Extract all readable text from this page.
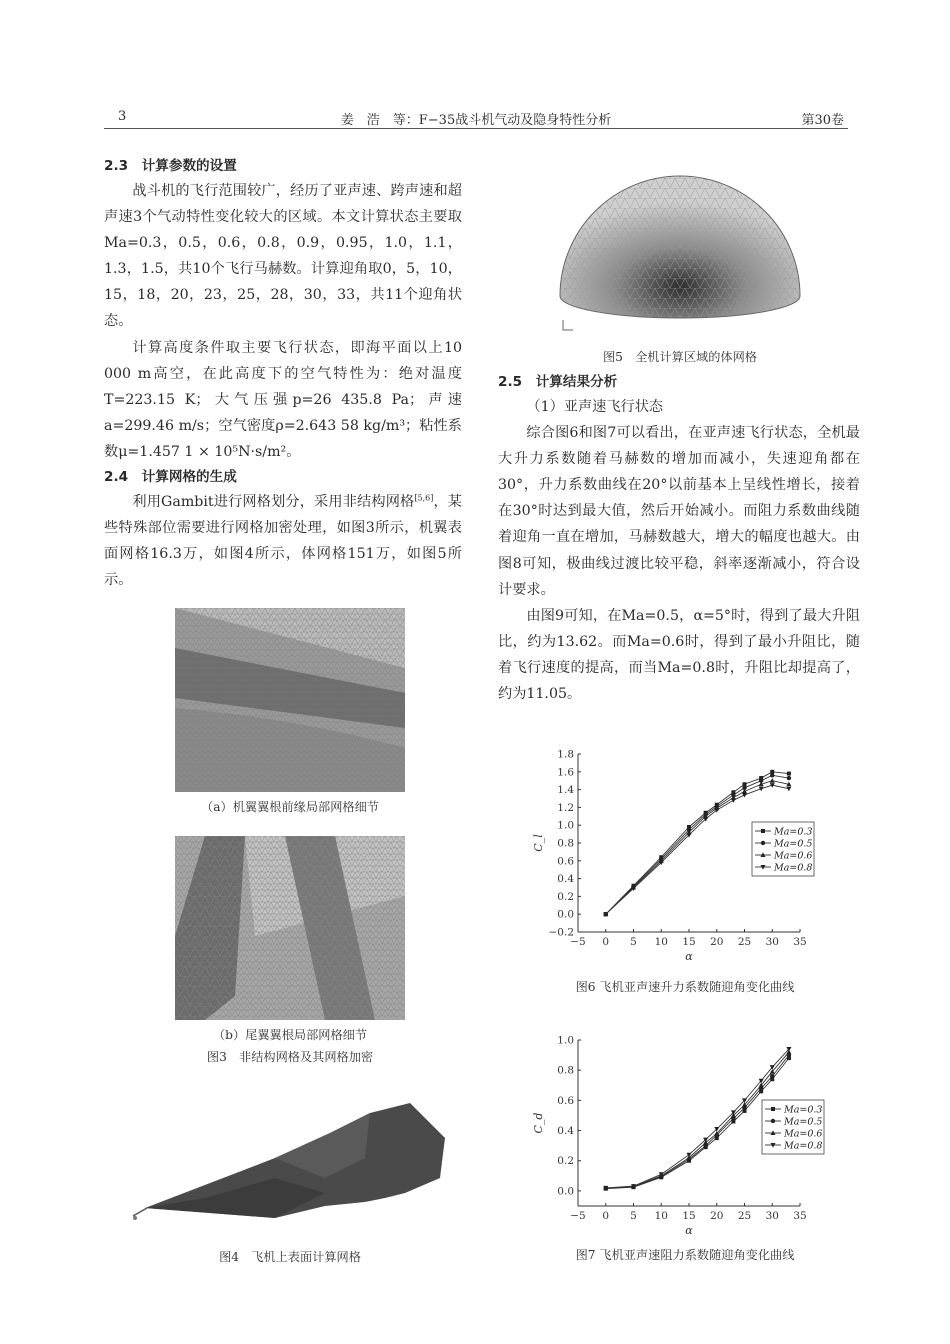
3	姜　浩　等：F−35战斗机气动及隐身特性分析	第30卷
2.3　计算参数的设置

战斗机的飞行范围较广，经历了亚声速、跨声速和超声速3个气动特性变化较大的区域。本文计算状态主要取Ma=0.3，0.5，0.6，0.8，0.9，0.95，1.0，1.1，1.3，1.5，共10个飞行马赫数。计算迎角取0，5，10，15，18，20，23，25，28，30，33，共11个迎角状态。

计算高度条件取主要飞行状态，即海平面以上10 000 m高空，在此高度下的空气特性为：绝对温度T=223.15 K；大气压强p=26 435.8 Pa；声速a=299.46 m/s；空气密度ρ=2.643 58 kg/m³；粘性系数μ=1.457 1 × 10⁵N·s/m²。

2.4　计算网格的生成

利用Gambit进行网格划分，采用非结构网格[5,6]，某些特殊部位需要进行网格加密处理，如图3所示，机翼表面网格16.3万，如图4所示，体网格151万，如图5所示。

（a）机翼翼根前缘局部网格细节
（b）尾翼翼根局部网格细节
图3　非结构网格及其网格加密
图4　飞机上表面计算网格
图5　全机计算区域的体网格
2.5　计算结果分析
（1）亚声速飞行状态

综合图6和图7可以看出，在亚声速飞行状态，全机最大升力系数随着马赫数的增加而减小，失速迎角都在30°，升力系数曲线在20°以前基本上呈线性增长，接着在30°时达到最大值，然后开始减小。而阻力系数曲线随着迎角一直在增加，马赫数越大，增大的幅度也越大。由图8可知，极曲线过渡比较平稳，斜率逐渐减小，符合设计要求。

由图9可知，在Ma=0.5，α=5°时，得到了最大升阻比，约为13.62。而Ma=0.6时，得到了最小升阻比，随着飞行速度的提高，而当Ma=0.8时，升阻比却提高了，约为11.05。

−5 0 5 10 15 20 25 30 35
−0.2
0.0
0.2
0.4
0.6
0.8
1.0
1.2
1.4
1.6
1.8
α
C_l
Ma=0.3
Ma=0.5
Ma=0.6
Ma=0.8
图6 飞机亚声速升力系数随迎角变化曲线
−5 0 5 10 15 20 25 30 35
0.0
0.2
0.4
0.6
0.8
1.0
α
C_d
Ma=0.3
Ma=0.5
Ma=0.6
Ma=0.8
图7 飞机亚声速阻力系数随迎角变化曲线
